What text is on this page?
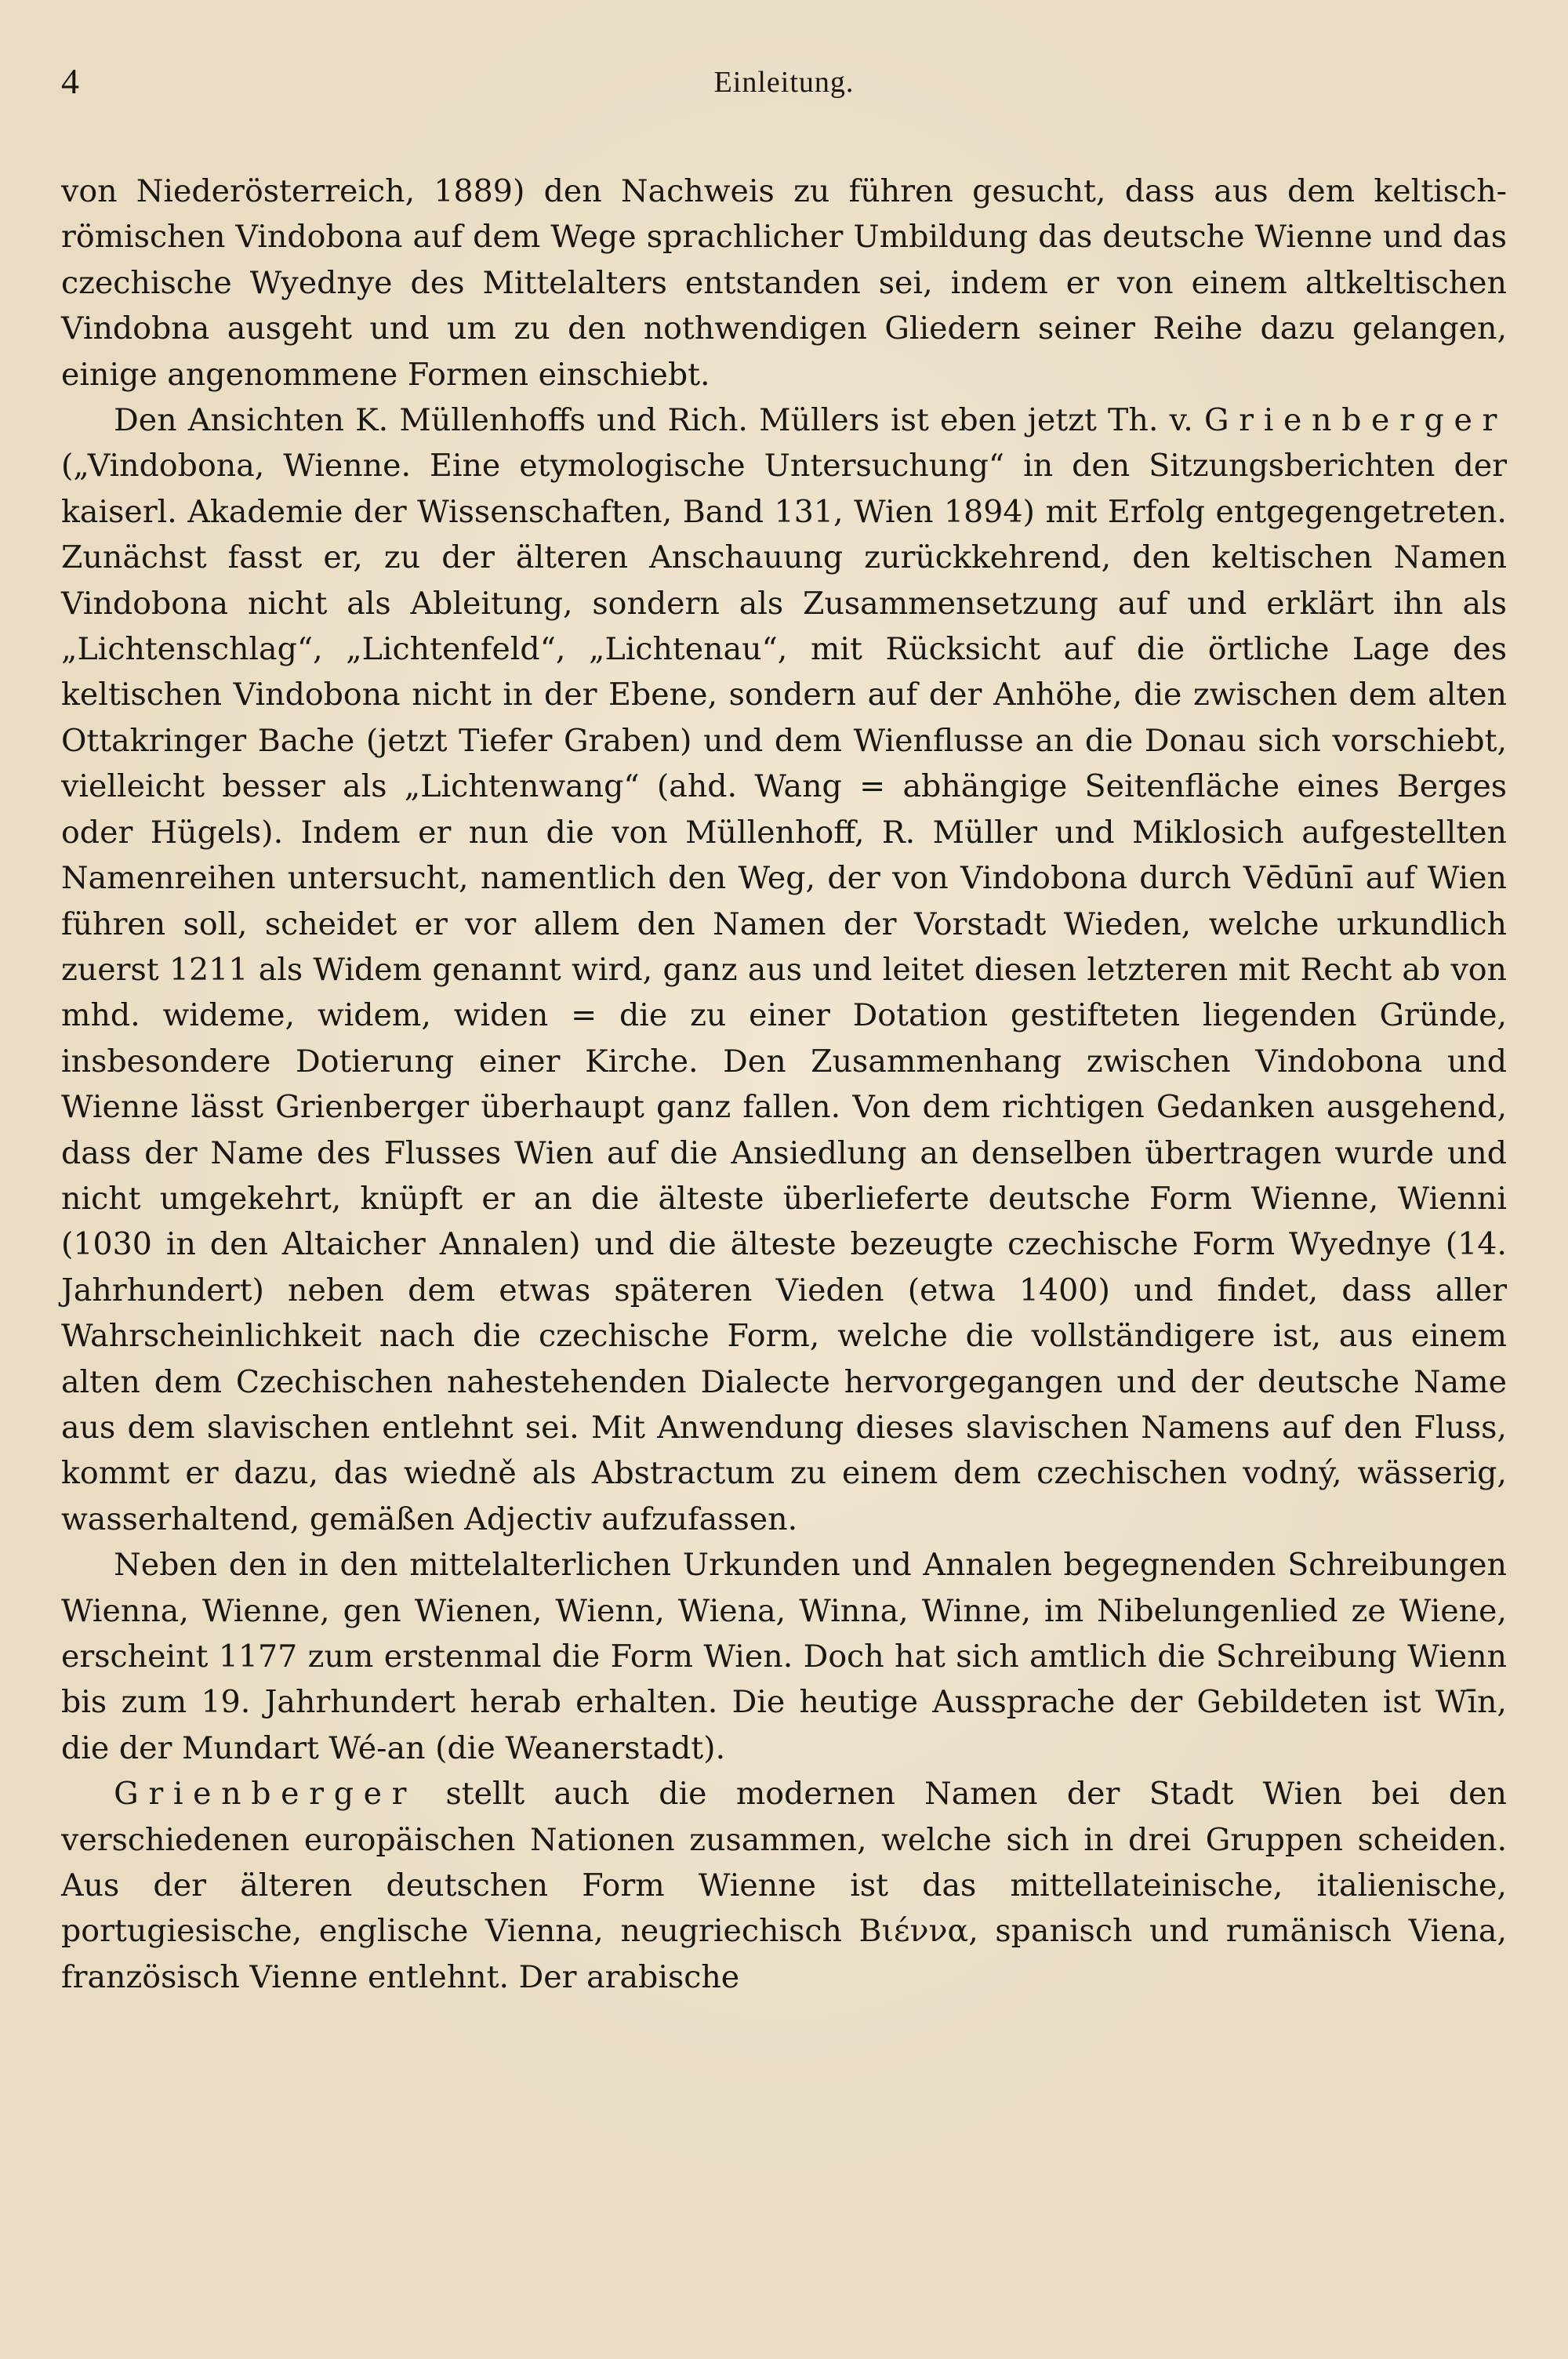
4	Einleitung.

von Niederösterreich, 1889) den Nachweis zu führen gesucht, dass aus dem keltisch-römischen Vindobona auf dem Wege sprachlicher Umbildung das deutsche Wienne und das czechische Wyednye des Mittelalters entstanden sei, indem er von einem altkeltischen Vindobna ausgeht und um zu den nothwendigen Gliedern seiner Reihe dazu gelangen, einige angenommene Formen einschiebt.

Den Ansichten K. Müllenhoffs und Rich. Müllers ist eben jetzt Th. v. Grienberger („Vindobona, Wienne. Eine etymologische Untersuchung“ in den Sitzungsberichten der kaiserl. Akademie der Wissenschaften, Band 131, Wien 1894) mit Erfolg entgegengetreten. Zunächst fasst er, zu der älteren Anschauung zurückkehrend, den keltischen Namen Vindobona nicht als Ableitung, sondern als Zusammensetzung auf und erklärt ihn als „Lichtenschlag“, „Lichtenfeld“, „Lichtenau“, mit Rücksicht auf die örtliche Lage des keltischen Vindobona nicht in der Ebene, sondern auf der Anhöhe, die zwischen dem alten Ottakringer Bache (jetzt Tiefer Graben) und dem Wienflusse an die Donau sich vorschiebt, vielleicht besser als „Lichtenwang“ (ahd. Wang = abhängige Seitenfläche eines Berges oder Hügels). Indem er nun die von Müllenhoff, R. Müller und Miklosich aufgestellten Namenreihen untersucht, namentlich den Weg, der von Vindobona durch Vēdūnī auf Wien führen soll, scheidet er vor allem den Namen der Vorstadt Wieden, welche urkundlich zuerst 1211 als Widem genannt wird, ganz aus und leitet diesen letzteren mit Recht ab von mhd. wideme, widem, widen = die zu einer Dotation gestifteten liegenden Gründe, insbesondere Dotierung einer Kirche. Den Zusammenhang zwischen Vindobona und Wienne lässt Grienberger überhaupt ganz fallen. Von dem richtigen Gedanken ausgehend, dass der Name des Flusses Wien auf die Ansiedlung an denselben übertragen wurde und nicht umgekehrt, knüpft er an die älteste überlieferte deutsche Form Wienne, Wienni (1030 in den Altaicher Annalen) und die älteste bezeugte czechische Form Wyednye (14. Jahrhundert) neben dem etwas späteren Vieden (etwa 1400) und findet, dass aller Wahrscheinlichkeit nach die czechische Form, welche die vollständigere ist, aus einem alten dem Czechischen nahestehenden Dialecte hervorgegangen und der deutsche Name aus dem slavischen entlehnt sei. Mit Anwendung dieses slavischen Namens auf den Fluss, kommt er dazu, das wiedně als Abstractum zu einem dem czechischen vodný, wässerig, wasserhaltend, gemäßen Adjectiv aufzufassen.

Neben den in den mittelalterlichen Urkunden und Annalen begegnenden Schreibungen Wienna, Wienne, gen Wienen, Wienn, Wiena, Winna, Winne, im Nibelungenlied ze Wiene, erscheint 1177 zum erstenmal die Form Wien. Doch hat sich amtlich die Schreibung Wienn bis zum 19. Jahrhundert herab erhalten. Die heutige Aussprache der Gebildeten ist Wīn, die der Mundart Wé-an (die Weanerstadt).

Grienberger stellt auch die modernen Namen der Stadt Wien bei den verschiedenen europäischen Nationen zusammen, welche sich in drei Gruppen scheiden. Aus der älteren deutschen Form Wienne ist das mittellateinische, italienische, portugiesische, englische Vienna, neugriechisch Βιέννα, spanisch und rumänisch Viena, französisch Vienne entlehnt. Der arabische
